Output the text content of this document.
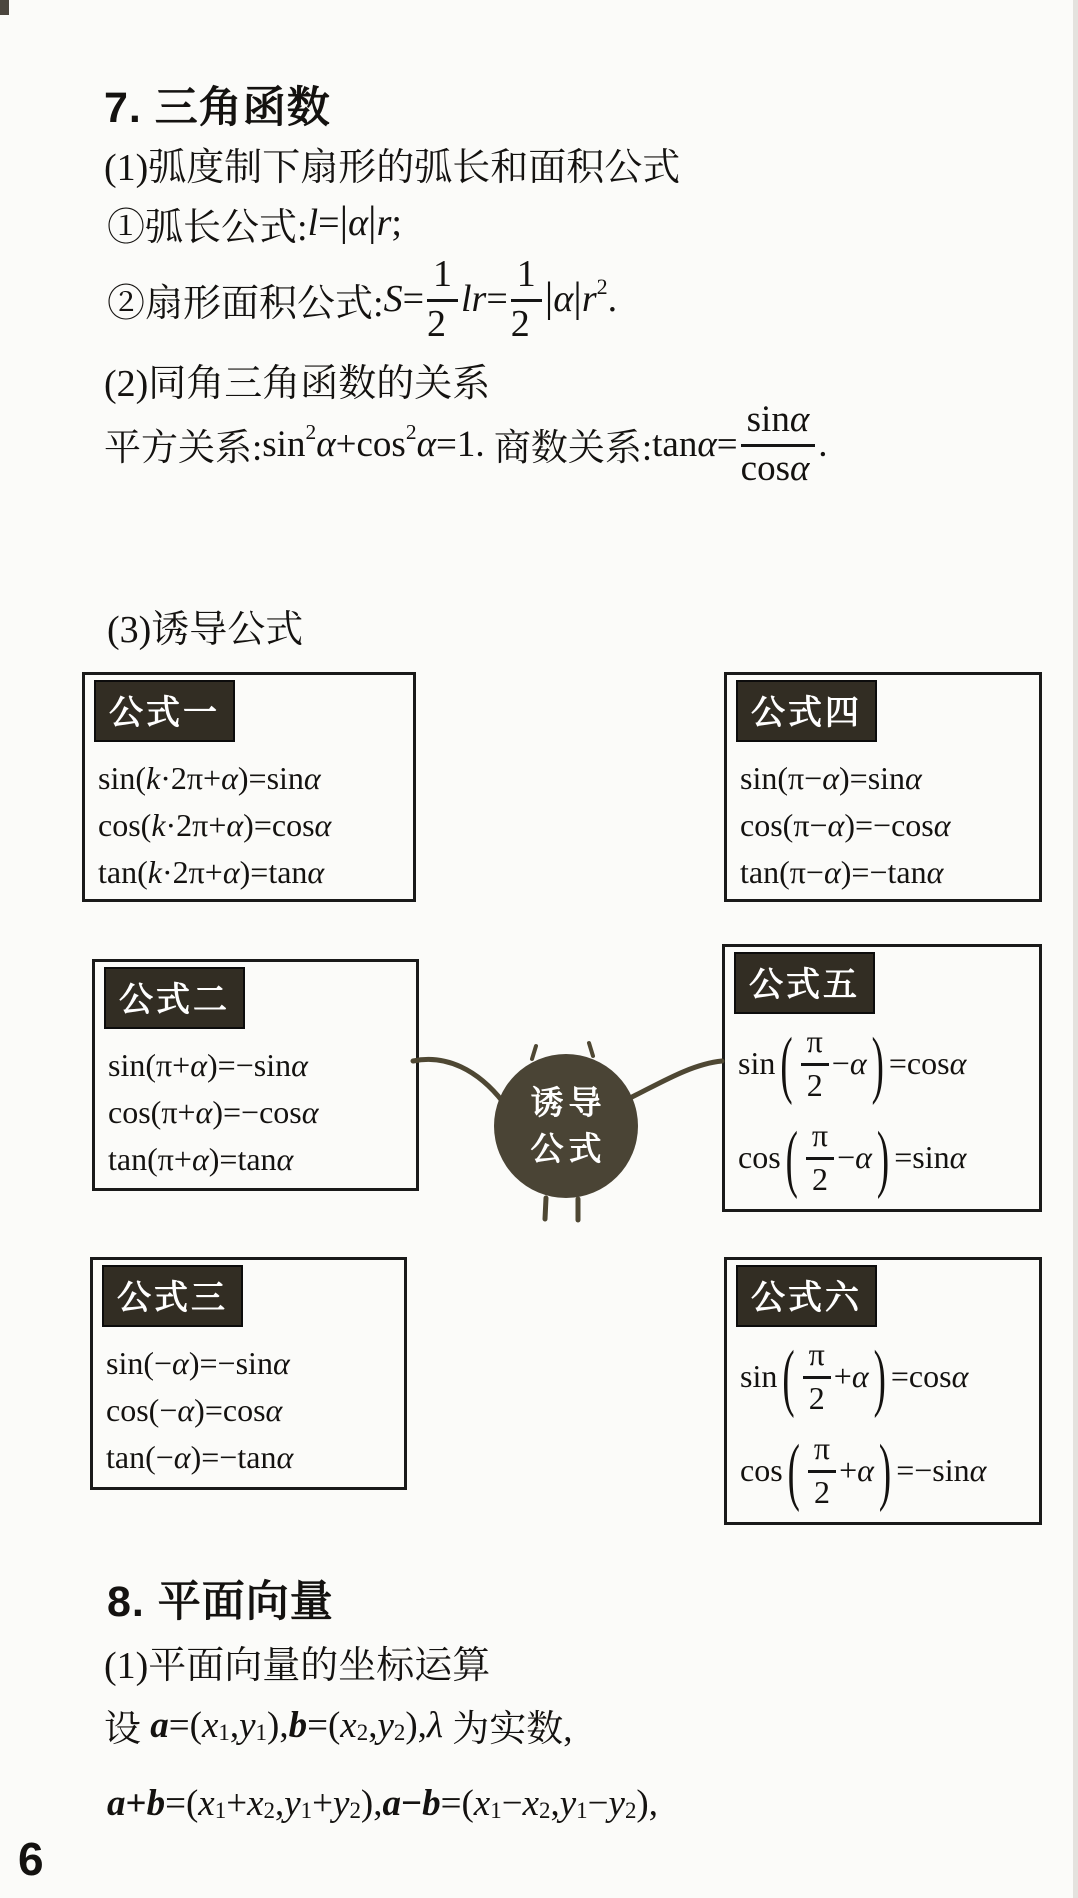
7. 三角函数
(1)弧度制下扇形的弧长和面积公式
①弧长公式: l = | α | r ;
②扇形面积公式: $S = \frac{1}{2}$ lr = $\frac{1}{2}$ | α | r 2 .
(2)同角三角函数的关系
平方关系: sin 2 α +cos 2 α =1. 商数关系: $\tan \alpha = \frac{\sin\alpha}{\cos\alpha}$ .
(3)诱导公式
公式一
sin( k ·2π+ α )=sin α
cos( k ·2π+ α )=cos α
tan( k ·2π+ α )=tan α
公式二
sin(π+ α )=−sin α
cos(π+ α )=−cos α
tan(π+ α )=tan α
公式三
sin(− α )=−sin α
cos(− α )=cos α
tan(− α )=−tan α
公式四
sin(π− α )=sin α
cos(π− α )=−cos α
tan(π− α )=−tan α
公式五
sin ( $\frac{\pi}{2} - \alpha$ ) =cos α
cos ( $\frac{\pi}{2} - \alpha$ ) =sin α
公式六
sin ( $\frac{\pi}{2} + \alpha$ ) =cos α
cos ( $\frac{\pi}{2} + \alpha$ ) =−sin α
诱导
公式
8. 平面向量
(1)平面向量的坐标运算
设 a =( x 1 , y 1 ), b =( x 2 , y 2 ), λ 为实数,
a + b =( x 1 + x 2 , y 1 + y 2 ), a − b =( x 1 − x 2 , y 1 − y 2 ),
6
